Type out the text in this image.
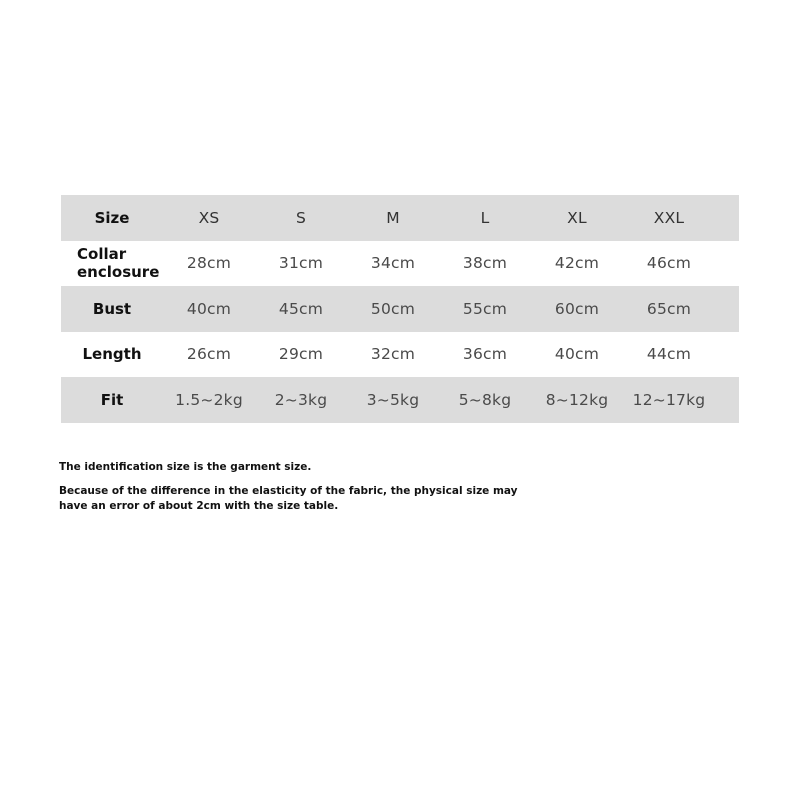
Size	XS	S	M	L	XL	XXL
Collar
enclosure	28cm	31cm	34cm	38cm	42cm	46cm
Bust	40cm	45cm	50cm	55cm	60cm	65cm
Length	26cm	29cm	32cm	36cm	40cm	44cm
Fit	1.5~2kg	2~3kg	3~5kg	5~8kg	8~12kg	12~17kg
The identification size is the garment size.
Because of the difference in the elasticity of the fabric, the physical size may have an error of about 2cm with the size table.
